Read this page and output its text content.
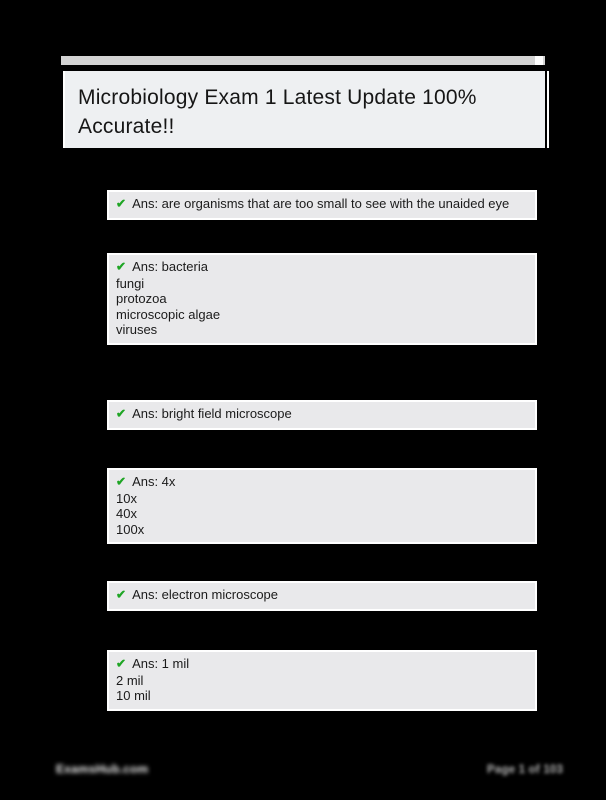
Microbiology Exam 1 Latest Update 100% Accurate!!
✔ Ans: are organisms that are too small to see with the unaided eye
✔ Ans: bacteria
fungi
protozoa
microscopic algae
viruses
✔ Ans: bright field microscope
✔ Ans: 4x
10x
40x
100x
✔ Ans: electron microscope
✔ Ans: 1 mil
2 mil
10 mil
ExamsHub.com	Page 1 of 103
